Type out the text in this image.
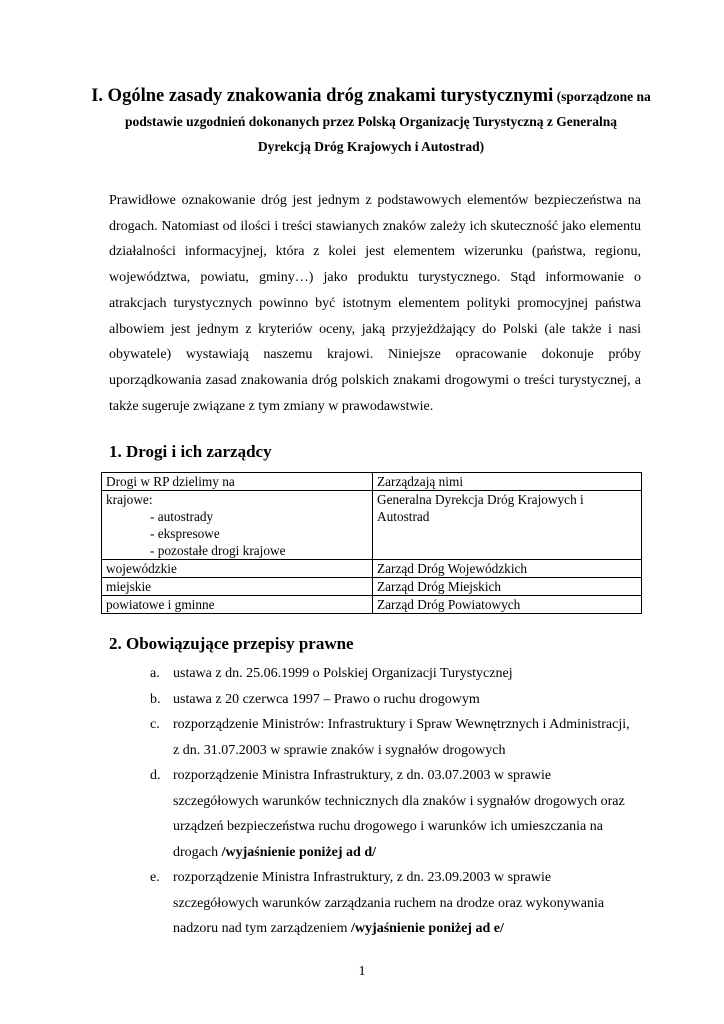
I. Ogólne zasady znakowania dróg znakami turystycznymi (sporządzone na
podstawie uzgodnień dokonanych przez Polską Organizację Turystyczną z Generalną
Dyrekcją Dróg Krajowych i Autostrad)

Prawidłowe oznakowanie dróg jest jednym z podstawowych elementów bezpieczeństwa na drogach. Natomiast od ilości i treści stawianych znaków zależy ich skuteczność jako elementu działalności informacyjnej, która z kolei jest elementem wizerunku (państwa, regionu, województwa, powiatu, gminy…) jako produktu turystycznego. Stąd informowanie o atrakcjach turystycznych powinno być istotnym elementem polityki promocyjnej państwa albowiem jest jednym z kryteriów oceny, jaką przyjeżdżający do Polski (ale także i nasi obywatele) wystawiają naszemu krajowi. Niniejsze opracowanie dokonuje próby uporządkowania zasad znakowania dróg polskich znakami drogowymi o treści turystycznej, a także sugeruje związane z tym zmiany w prawodawstwie.

1. Drogi i ich zarządcy
Drogi w RP dzielimy na	Zarządzają nimi

krajowe:
- autostrady
- ekspresowe
- pozostałe drogi krajowe	Generalna Dyrekcja Dróg Krajowych i Autostrad
wojewódzkie	Zarząd Dróg Wojewódzkich
miejskie	Zarząd Dróg Miejskich
powiatowe i gminne	Zarząd Dróg Powiatowych
2. Obowiązujące przepisy prawne
a. ustawa z dn. 25.06.1999 o Polskiej Organizacji Turystycznej
b. ustawa z 20 czerwca 1997 – Prawo o ruchu drogowym
c. rozporządzenie Ministrów: Infrastruktury i Spraw Wewnętrznych i Administracji, z dn. 31.07.2003 w sprawie znaków i sygnałów drogowych
d. rozporządzenie Ministra Infrastruktury, z dn. 03.07.2003 w sprawie szczegółowych warunków technicznych dla znaków i sygnałów drogowych oraz urządzeń bezpieczeństwa ruchu drogowego i warunków ich umieszczania na drogach /wyjaśnienie poniżej ad d/
e. rozporządzenie Ministra Infrastruktury, z dn. 23.09.2003 w sprawie szczegółowych warunków zarządzania ruchem na drodze oraz wykonywania nadzoru nad tym zarządzeniem /wyjaśnienie poniżej ad e/
1
